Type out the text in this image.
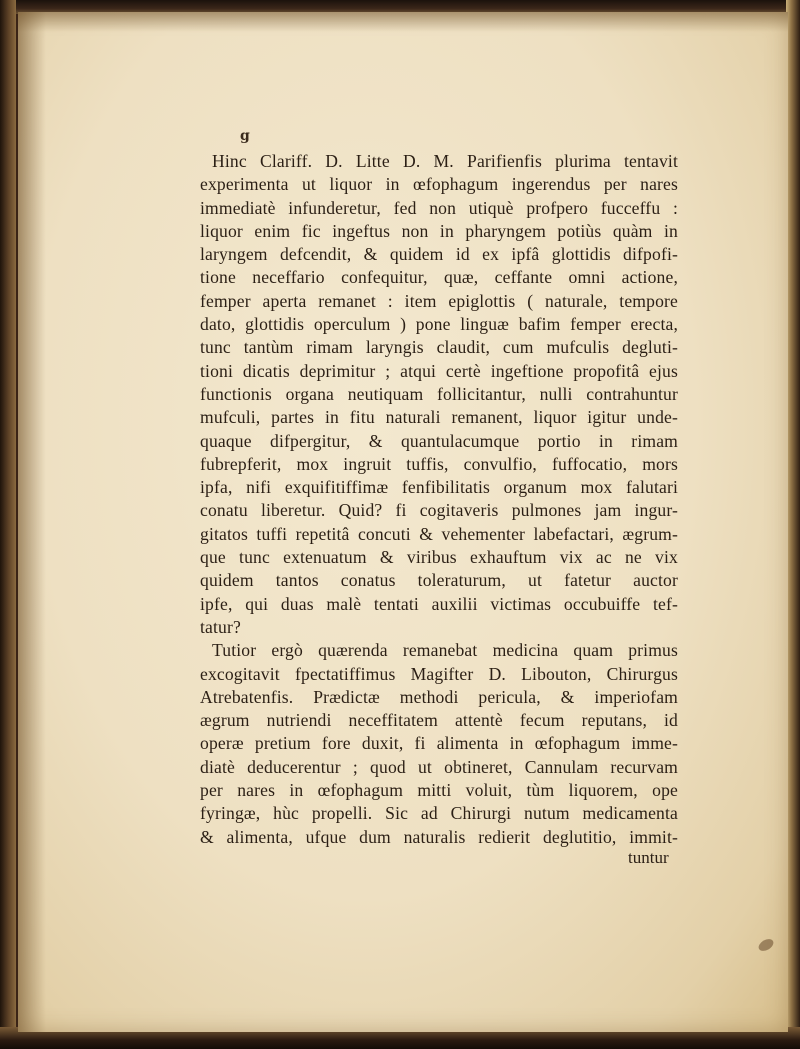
g
Hinc Clariff. D. Litte D. M. Parifienfis plurima tentavit
experimenta ut liquor in œfophagum ingerendus per nares
immediatè infunderetur, fed non utiquè profpero fucceffu :
liquor enim fic ingeftus non in pharyngem potiùs quàm in
laryngem defcendit, & quidem id ex ipfâ glottidis difpofi-
tione neceffario confequitur, quæ, ceffante omni actione,
femper aperta remanet : item epiglottis ( naturale, tempore
dato, glottidis operculum ) pone linguæ bafim femper erecta,
tunc tantùm rimam laryngis claudit, cum mufculis degluti-
tioni dicatis deprimitur ; atqui certè ingeftione propofitâ ejus
functionis organa neutiquam follicitantur, nulli contrahuntur
mufculi, partes in fitu naturali remanent, liquor igitur unde-
quaque difpergitur, & quantulacumque portio in rimam
fubrepferit, mox ingruit tuffis, convulfio, fuffocatio, mors
ipfa, nifi exquifitiffimæ fenfibilitatis organum mox falutari
conatu liberetur. Quid? fi cogitaveris pulmones jam ingur-
gitatos tuffi repetitâ concuti & vehementer labefactari, ægrum-
que tunc extenuatum & viribus exhauftum vix ac ne vix
quidem tantos conatus toleraturum, ut fatetur auctor
ipfe, qui duas malè tentati auxilii victimas occubuiffe tef-
tatur?
Tutior ergò quærenda remanebat medicina quam primus
excogitavit fpectatiffimus Magifter D. Libouton, Chirurgus
Atrebatenfis. Prædictæ methodi pericula, & imperiofam
ægrum nutriendi neceffitatem attentè fecum reputans, id
operæ pretium fore duxit, fi alimenta in œfophagum imme-
diatè deducerentur ; quod ut obtineret, Cannulam recurvam
per nares in œfophagum mitti voluit, tùm liquorem, ope
fyringæ, hùc propelli. Sic ad Chirurgi nutum medicamenta
& alimenta, ufque dum naturalis redierit deglutitio, immit-
tuntur
